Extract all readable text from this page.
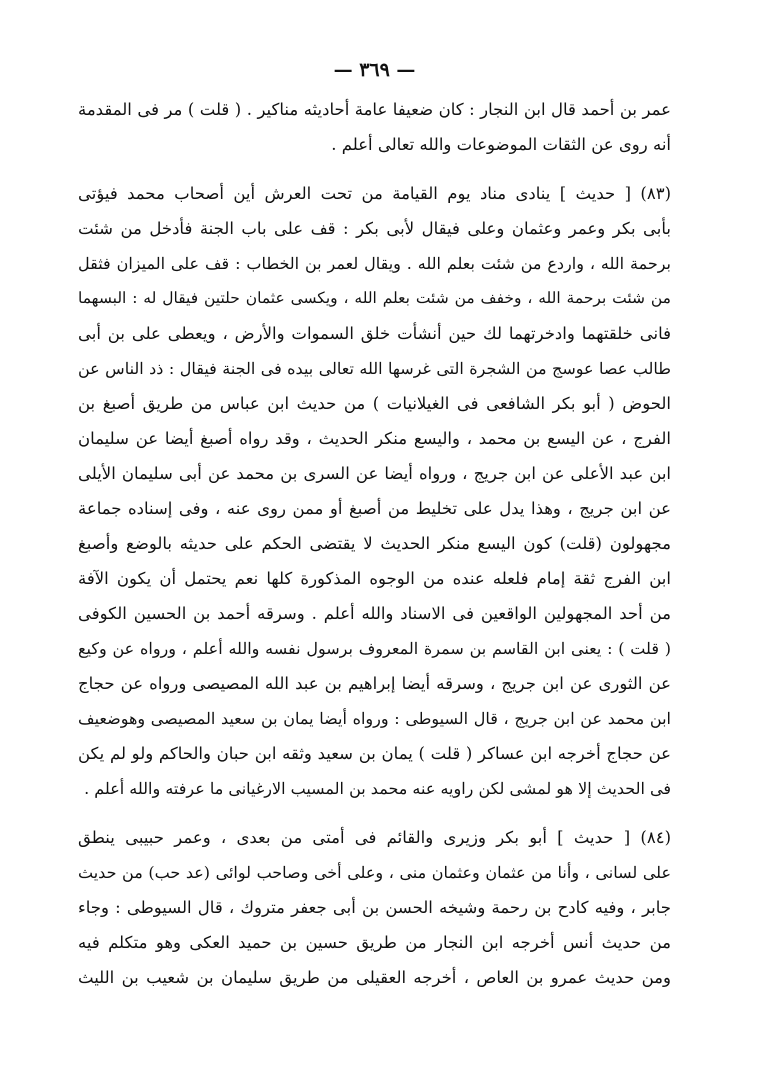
— ٣٦٩ —
عمر بن أحمد قال ابن النجار : كان ضعيفا عامة أحاديثه مناكير . ( قلت ) مر فى المقدمة
أنه روى عن الثقات الموضوعات والله تعالى أعلم .
(٨٣) [ حديث ] ينادى مناد يوم القيامة من تحت العرش أين أصحاب محمد فيؤتى
بأبى بكر وعمر وعثمان وعلى فيقال لأبى بكر : قف على باب الجنة فأدخل من شئت
برحمة الله ، واردع من شئت بعلم الله . ويقال لعمر بن الخطاب : قف على الميزان فثقل
من شئت برحمة الله ، وخفف من شئت بعلم الله ، ويكسى عثمان حلتين فيقال له : البسهما
فانى خلقتهما وادخرتهما لك حين أنشأت خلق السموات والأرض ، ويعطى على بن أبى
طالب عصا عوسج من الشجرة التى غرسها الله تعالى بيده فى الجنة فيقال : ذد الناس عن
الحوض ( أبو بكر الشافعى فى الغيلانيات ) من حديث ابن عباس من طريق أصبغ بن
الفرج ، عن اليسع بن محمد ، واليسع منكر الحديث ، وقد رواه أصبغ أيضا عن سليمان
ابن عبد الأعلى عن ابن جريج ، ورواه أيضا عن السرى بن محمد عن أبى سليمان الأيلى
عن ابن جريج ، وهذا يدل على تخليط من أصبغ أو ممن روى عنه ، وفى إسناده جماعة
مجهولون (قلت) كون اليسع منكر الحديث لا يقتضى الحكم على حديثه بالوضع وأصبغ
ابن الفرج ثقة إمام فلعله عنده من الوجوه المذكورة كلها نعم يحتمل أن يكون الآفة
من أحد المجهولين الواقعين فى الاسناد والله أعلم . وسرقه أحمد بن الحسين الكوفى
( قلت ) : يعنى ابن القاسم بن سمرة المعروف برسول نفسه والله أعلم ، ورواه عن وكيع
عن الثورى عن ابن جريج ، وسرقه أيضا إبراهيم بن عبد الله المصيصى ورواه عن حجاج
ابن محمد عن ابن جريج ، قال السيوطى : ورواه أيضا يمان بن سعيد المصيصى وهوضعيف
عن حجاج أخرجه ابن عساكر ( قلت ) يمان بن سعيد وثقه ابن حبان والحاكم ولو لم يكن
فى الحديث إلا هو لمشى لكن راويه عنه محمد بن المسيب الارغيانى ما عرفته والله أعلم .
(٨٤) [ حديث ] أبو بكر وزيرى والقائم فى أمتى من بعدى ، وعمر حبيبى ينطق
على لسانى ، وأنا من عثمان وعثمان منى ، وعلى أخى وصاحب لوائى (عد حب) من حديث
جابر ، وفيه كادح بن رحمة وشيخه الحسن بن أبى جعفر متروك ، قال السيوطى : وجاء
من حديث أنس أخرجه ابن النجار من طريق حسين بن حميد العكى وهو متكلم فيه
ومن حديث عمرو بن العاص ، أخرجه العقيلى من طريق سليمان بن شعيب بن الليث
